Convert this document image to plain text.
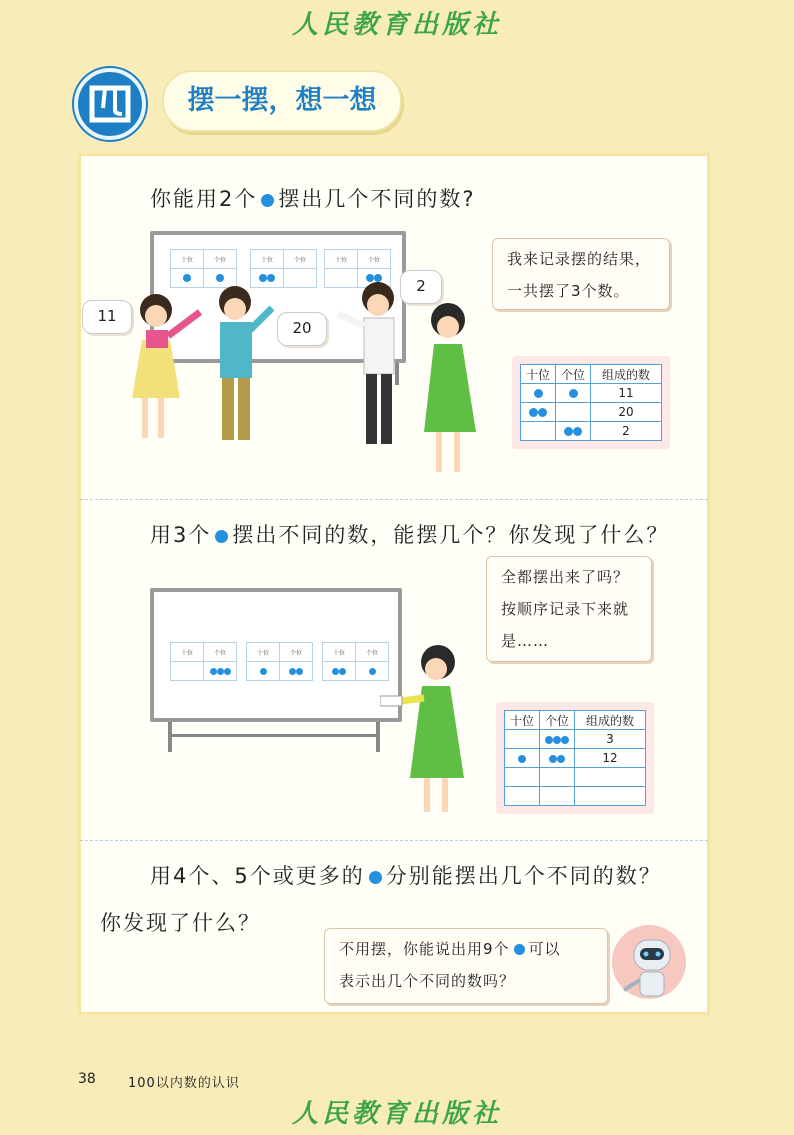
人民教育出版社
摆一摆，想一想
你能用2个 摆出几个不同的数?
十位	个位
		十位	个位
		十位	个位

11
20
2
我来记录摆的结果，
一共摆了3个数。
十位	个位	组成的数
		11
		20
		2
用3个 摆出不同的数，能摆几个？你发现了什么？
全都摆出来了吗？
按顺序记录下来就
是……
十位	个位
		十位	个位
		十位	个位

十位	个位	组成的数
		3
		12

用4个、5个或更多的 分别能摆出几个不同的数？
你发现了什么？
不用摆，你能说出用9个 可以
表示出几个不同的数吗？
38 100以内数的认识
人民教育出版社
